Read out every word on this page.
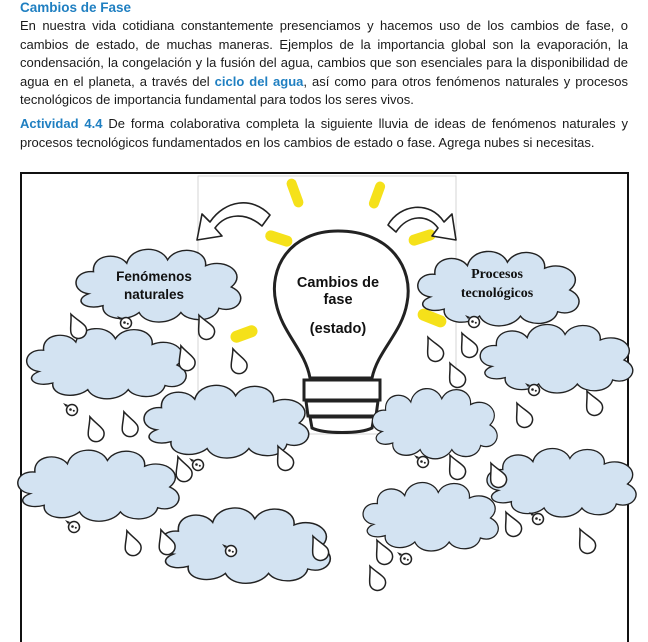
Cambios de Fase
En nuestra vida cotidiana constantemente presenciamos y hacemos uso de los cambios de fase, o cambios de estado, de muchas maneras. Ejemplos de la importancia global son la evaporación, la condensación, la congelación y la fusión del agua, cambios que son esenciales para la disponibilidad de agua en el planeta, a través del ciclo del agua, así como para otros fenómenos naturales y procesos tecnológicos de importancia fundamental para todos los seres vivos.
Actividad 4.4 De forma colaborativa completa la siguiente lluvia de ideas de fenómenos naturales y procesos tecnológicos fundamentados en los cambios de estado o fase. Agrega nubes si necesitas.
Cambios de
fase
(estado)
Fenómenos
naturales
Procesos
tecnológicos
